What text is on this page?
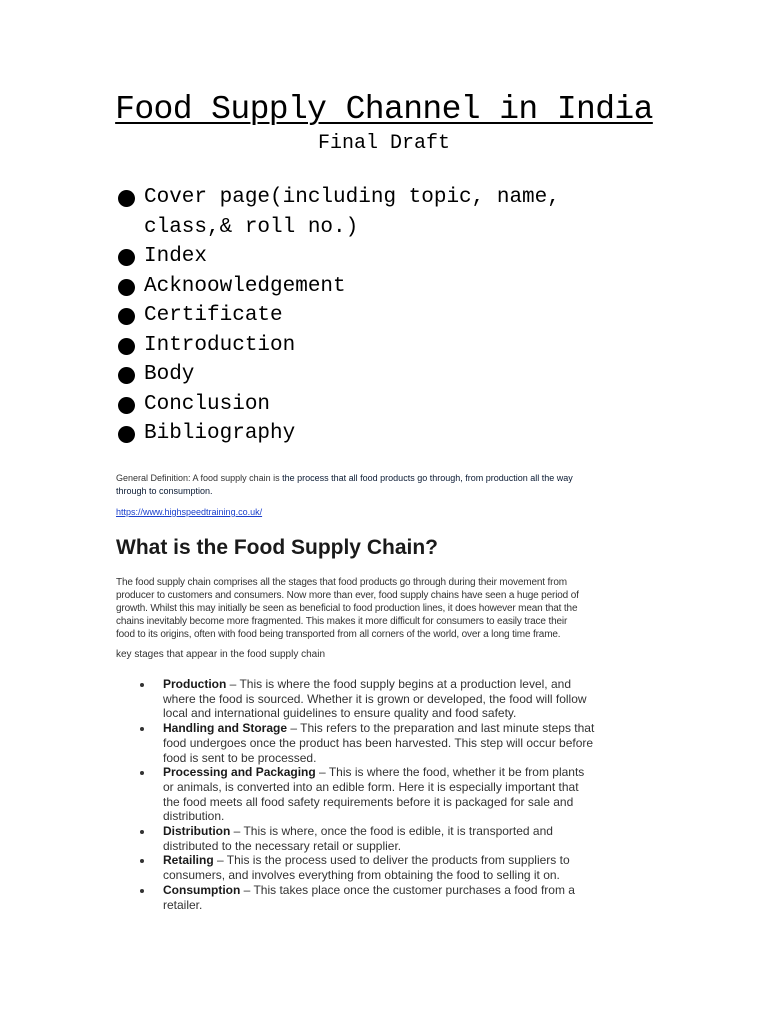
Food Supply Channel in India
Final Draft
Cover page(including topic, name,
class,& roll no.)
Index
Acknoowledgement
Certificate
Introduction
Body
Conclusion
Bibliography
General Definition: A food supply chain is the process that all food products go through, from production all the way
through to consumption.
https://www.highspeedtraining.co.uk/
What is the Food Supply Chain?
The food supply chain comprises all the stages that food products go through during their movement from
producer to customers and consumers. Now more than ever, food supply chains have seen a huge period of
growth. Whilst this may initially be seen as beneficial to food production lines, it does however mean that the
chains inevitably become more fragmented. This makes it more difficult for consumers to easily trace their
food to its origins, often with food being transported from all corners of the world, over a long time frame.
key stages that appear in the food supply chain
Production – This is where the food supply begins at a production level, and
where the food is sourced. Whether it is grown or developed, the food will follow
local and international guidelines to ensure quality and food safety.
Handling and Storage – This refers to the preparation and last minute steps that
food undergoes once the product has been harvested. This step will occur before
food is sent to be processed.
Processing and Packaging – This is where the food, whether it be from plants
or animals, is converted into an edible form. Here it is especially important that
the food meets all food safety requirements before it is packaged for sale and
distribution.
Distribution – This is where, once the food is edible, it is transported and
distributed to the necessary retail or supplier.
Retailing – This is the process used to deliver the products from suppliers to
consumers, and involves everything from obtaining the food to selling it on.
Consumption – This takes place once the customer purchases a food from a
retailer.
